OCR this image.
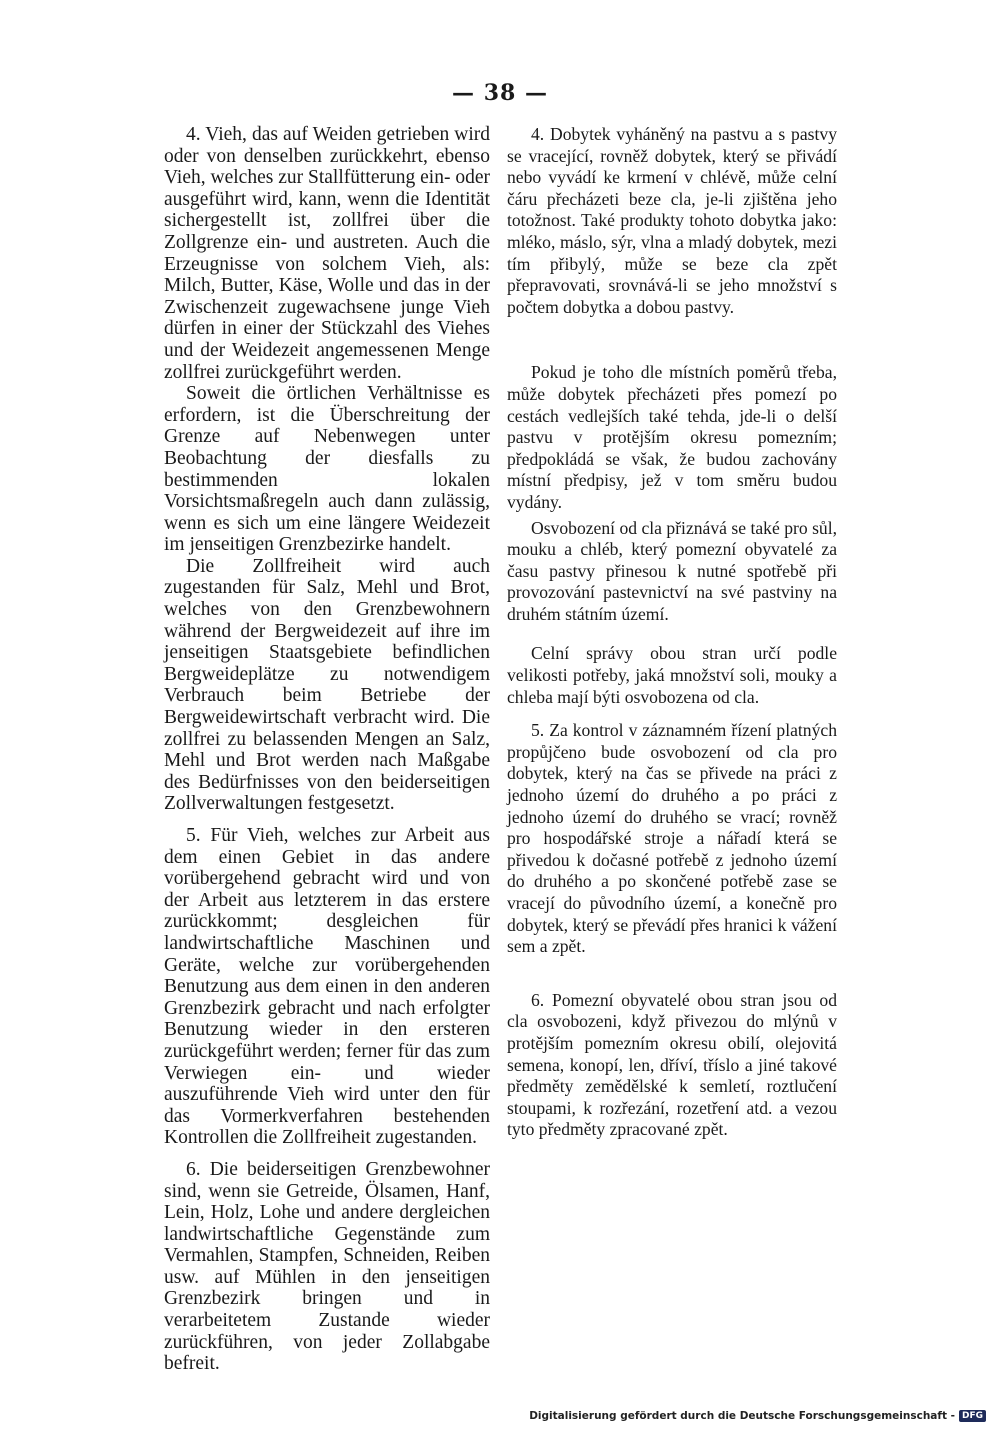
— 38 —

4. Vieh, das auf Weiden getrieben wird oder von denselben zurückkehrt, ebenso Vieh, welches zur Stallfütterung ein- oder ausgeführt wird, kann, wenn die Identität sichergestellt ist, zollfrei über die Zollgrenze ein- und austreten. Auch die Erzeugnisse von solchem Vieh, als: Milch, Butter, Käse, Wolle und das in der Zwischenzeit zugewachsene junge Vieh dürfen in einer der Stückzahl des Viehes und der Weidezeit angemessenen Menge zollfrei zurückgeführt werden.

Soweit die örtlichen Verhältnisse es erfordern, ist die Überschreitung der Grenze auf Nebenwegen unter Beobachtung der diesfalls zu bestimmenden lokalen Vorsichtsmaßregeln auch dann zulässig, wenn es sich um eine längere Weidezeit im jenseitigen Grenzbezirke handelt.

Die Zollfreiheit wird auch zugestanden für Salz, Mehl und Brot, welches von den Grenzbewohnern während der Bergweidezeit auf ihre im jenseitigen Staatsgebiete befindlichen Bergweideplätze zu notwendigem Verbrauch beim Betriebe der Bergweidewirtschaft verbracht wird. Die zollfrei zu belassenden Mengen an Salz, Mehl und Brot werden nach Maßgabe des Bedürfnisses von den beiderseitigen Zollverwaltungen festgesetzt.

5. Für Vieh, welches zur Arbeit aus dem einen Gebiet in das andere vorübergehend gebracht wird und von der Arbeit aus letzterem in das erstere zurückkommt; desgleichen für landwirtschaftliche Maschinen und Geräte, welche zur vorübergehenden Benutzung aus dem einen in den anderen Grenzbezirk gebracht und nach erfolgter Benutzung wieder in den ersteren zurückgeführt werden; ferner für das zum Verwiegen ein- und wieder auszuführende Vieh wird unter den für das Vormerkverfahren bestehenden Kontrollen die Zollfreiheit zugestanden.

6. Die beiderseitigen Grenzbewohner sind, wenn sie Getreide, Ölsamen, Hanf, Lein, Holz, Lohe und andere dergleichen landwirtschaftliche Gegenstände zum Vermahlen, Stampfen, Schneiden, Reiben usw. auf Mühlen in den jenseitigen Grenzbezirk bringen und in verarbeitetem Zustande wieder zurückführen, von jeder Zollabgabe befreit.

4. Dobytek vyháněný na pastvu a s pastvy se vracející, rovněž dobytek, který se přivádí nebo vyvádí ke krmení v chlévě, může celní čáru přecházeti beze cla, je-li zjištěna jeho totožnost. Také produkty tohoto dobytka jako: mléko, máslo, sýr, vlna a mladý dobytek, mezi tím přibylý, může se beze cla zpět přepravovati, srovnává-li se jeho množství s počtem dobytka a dobou pastvy.

Pokud je toho dle místních poměrů třeba, může dobytek přecházeti přes pomezí po cestách vedlejších také tehda, jde-li o delší pastvu v protějším okresu pomezním; předpokládá se však, že budou zachovány místní předpisy, jež v tom směru budou vydány.

Osvobození od cla přiznává se také pro sůl, mouku a chléb, který pomezní obyvatelé za času pastvy přinesou k nutné spotřebě při provozování pastevnictví na své pastviny na druhém státním území.

Celní správy obou stran určí podle velikosti potřeby, jaká množství soli, mouky a chleba mají býti osvobozena od cla.

5. Za kontrol v záznamném řízení platných propůjčeno bude osvobození od cla pro dobytek, který na čas se přivede na práci z jednoho území do druhého a po práci z jednoho území do druhého se vrací; rovněž pro hospodářské stroje a nářadí která se přivedou k dočasné potřebě z jednoho území do druhého a po skončené potřebě zase se vracejí do původního území, a konečně pro dobytek, který se převádí přes hranici k vážení sem a zpět.

6. Pomezní obyvatelé obou stran jsou od cla osvobozeni, když přivezou do mlýnů v protějším pomezním okresu obilí, olejovitá semena, konopí, len, dříví, tříslo a jiné takové předměty zemědělské k semletí, roztlučení stoupami, k rozřezání, rozetření atd. a vezou tyto předměty zpracované zpět.

Digitalisierung gefördert durch die Deutsche Forschungsgemeinschaft - DFG
